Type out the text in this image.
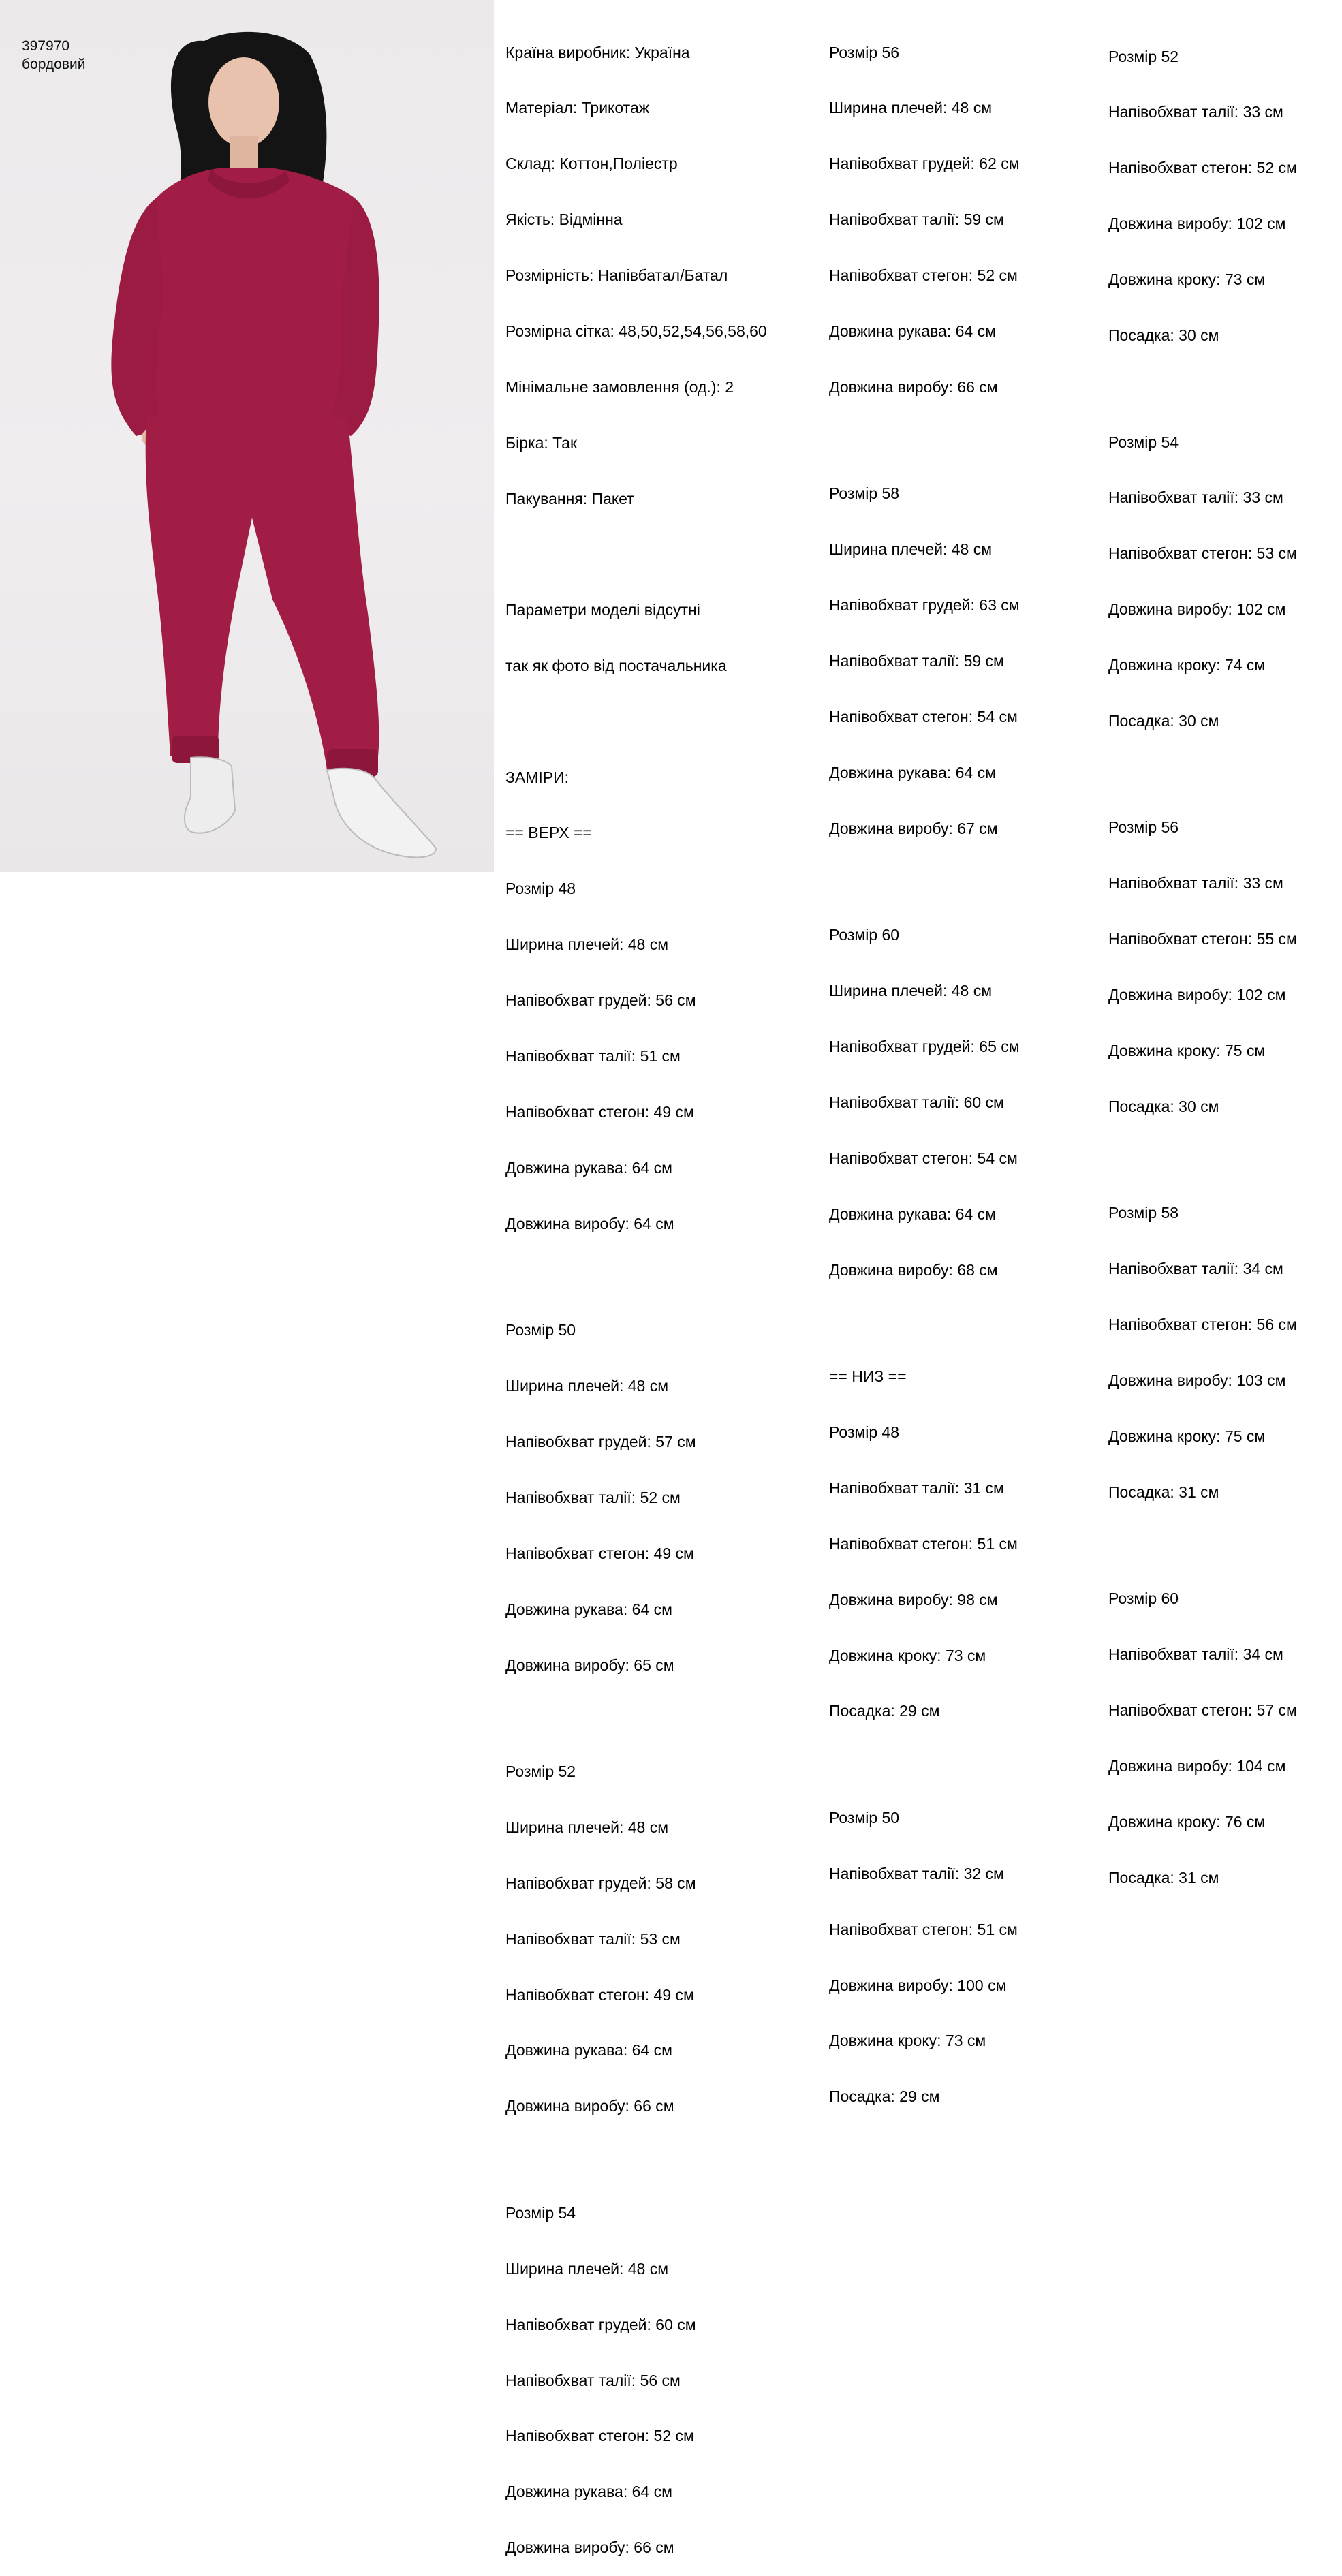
397970
бордовий

Країна виробник: Україна

Матеріал: Трикотаж

Склад: Коттон,Поліестр

Якість: Відмінна

Розмірність: Напівбатал/Батал

Розмірна сітка: 48,50,52,54,56,58,60

Мінімальне замовлення (од.): 2

Бірка: Так

Пакування: Пакет

Параметри моделі відсутні

так як фото від постачальника

ЗАМІРИ:

== ВЕРХ ==

Розмір 48

Ширина плечей: 48 см

Напівобхват грудей: 56 см

Напівобхват талії: 51 см

Напівобхват стегон: 49 см

Довжина рукава: 64 см

Довжина виробу: 64 см

Розмір 50

Ширина плечей: 48 см

Напівобхват грудей: 57 см

Напівобхват талії: 52 см

Напівобхват стегон: 49 см

Довжина рукава: 64 см

Довжина виробу: 65 см

Розмір 52

Ширина плечей: 48 см

Напівобхват грудей: 58 см

Напівобхват талії: 53 см

Напівобхват стегон: 49 см

Довжина рукава: 64 см

Довжина виробу: 66 см

Розмір 54

Ширина плечей: 48 см

Напівобхват грудей: 60 см

Напівобхват талії: 56 см

Напівобхват стегон: 52 см

Довжина рукава: 64 см

Довжина виробу: 66 см

Розмір 56

Ширина плечей: 48 см

Напівобхват грудей: 62 см

Напівобхват талії: 59 см

Напівобхват стегон: 52 см

Довжина рукава: 64 см

Довжина виробу: 66 см

Розмір 58

Ширина плечей: 48 см

Напівобхват грудей: 63 см

Напівобхват талії: 59 см

Напівобхват стегон: 54 см

Довжина рукава: 64 см

Довжина виробу: 67 см

Розмір 60

Ширина плечей: 48 см

Напівобхват грудей: 65 см

Напівобхват талії: 60 см

Напівобхват стегон: 54 см

Довжина рукава: 64 см

Довжина виробу: 68 см

== НИЗ ==

Розмір 48

Напівобхват талії: 31 см

Напівобхват стегон: 51 см

Довжина виробу: 98 см

Довжина кроку: 73 см

Посадка: 29 см

Розмір 50

Напівобхват талії: 32 см

Напівобхват стегон: 51 см

Довжина виробу: 100 см

Довжина кроку: 73 см

Посадка: 29 см

Розмір 52

Напівобхват талії: 33 см

Напівобхват стегон: 52 см

Довжина виробу: 102 см

Довжина кроку: 73 см

Посадка: 30 см

Розмір 54

Напівобхват талії: 33 см

Напівобхват стегон: 53 см

Довжина виробу: 102 см

Довжина кроку: 74 см

Посадка: 30 см

Розмір 56

Напівобхват талії: 33 см

Напівобхват стегон: 55 см

Довжина виробу: 102 см

Довжина кроку: 75 см

Посадка: 30 см

Розмір 58

Напівобхват талії: 34 см

Напівобхват стегон: 56 см

Довжина виробу: 103 см

Довжина кроку: 75 см

Посадка: 31 см

Розмір 60

Напівобхват талії: 34 см

Напівобхват стегон: 57 см

Довжина виробу: 104 см

Довжина кроку: 76 см

Посадка: 31 см
